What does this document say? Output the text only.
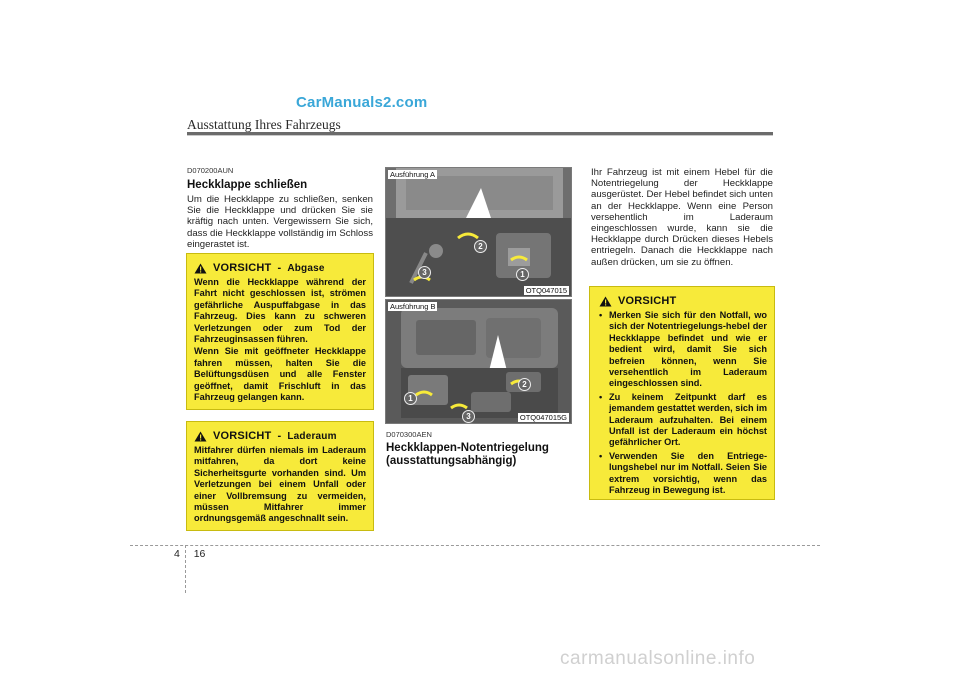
CarManuals2.com
Ausstattung Ihres Fahrzeugs
D070200AUN
Heckklappe schließen
Um die Heckklappe zu schließen, senken Sie die Heckklappe und drücken Sie sie kräftig nach unten. Vergewissern Sie sich, dass die Heckklappe vollständig im Schloss eingerastet ist.
VORSICHT - Abgase

Wenn die Heckklappe während der Fahrt nicht geschlossen ist, strömen gefährliche Auspuffabgase in das Fahrzeug. Dies kann zu schweren Verletzungen oder zum Tod der Fahrzeuginsassen führen.

Wenn Sie mit geöffneter Heckklappe fahren müssen, halten Sie die Belüftungsdüsen und alle Fenster geöffnet, damit Frischluft in das Fahrzeug gelangen kann.

VORSICHT - Laderaum

Mitfahrer dürfen niemals im Laderaum mitfahren, da dort keine Sicherheitsgurte vorhanden sind. Um Verletzungen bei einem Unfall oder einer Vollbremsung zu vermeiden, müssen Mitfahrer immer ordnungsgemäß angeschnallt sein.

Ausführung A
1
2
3
OTQ047015
Ausführung B
1
2
3	OTQ047015G
D070300AEN
Heckklappen-Notentriegelung
(ausstattungsabhängig)
Ihr Fahrzeug ist mit einem Hebel für die Notentriegelung der Heckklappe ausgerüstet. Der Hebel befindet sich unten an der Heckklappe. Wenn eine Person versehentlich im Laderaum eingeschlossen wurde, kann sie die Heckklappe durch Drücken dieses Hebels entriegeln. Danach die Heckklappe nach außen drücken, um sie zu öffnen.
VORSICHT
• Merken Sie sich für den Notfall, wo sich der Notentriegelungs-hebel der Heckklappe befindet und wie er bedient wird, damit Sie sich befreien können, wenn Sie versehentlich im Laderaum eingeschlossen sind.
• Zu keinem Zeitpunkt darf es jemandem gestattet werden, sich im Laderaum aufzuhalten. Bei einem Unfall ist der Laderaum ein höchst gefährlicher Ort.
• Verwenden Sie den Entriege-lungshebel nur im Notfall. Seien Sie extrem vorsichtig, wenn das Fahrzeug in Bewegung ist.
4 16
carmanualsonline.info
